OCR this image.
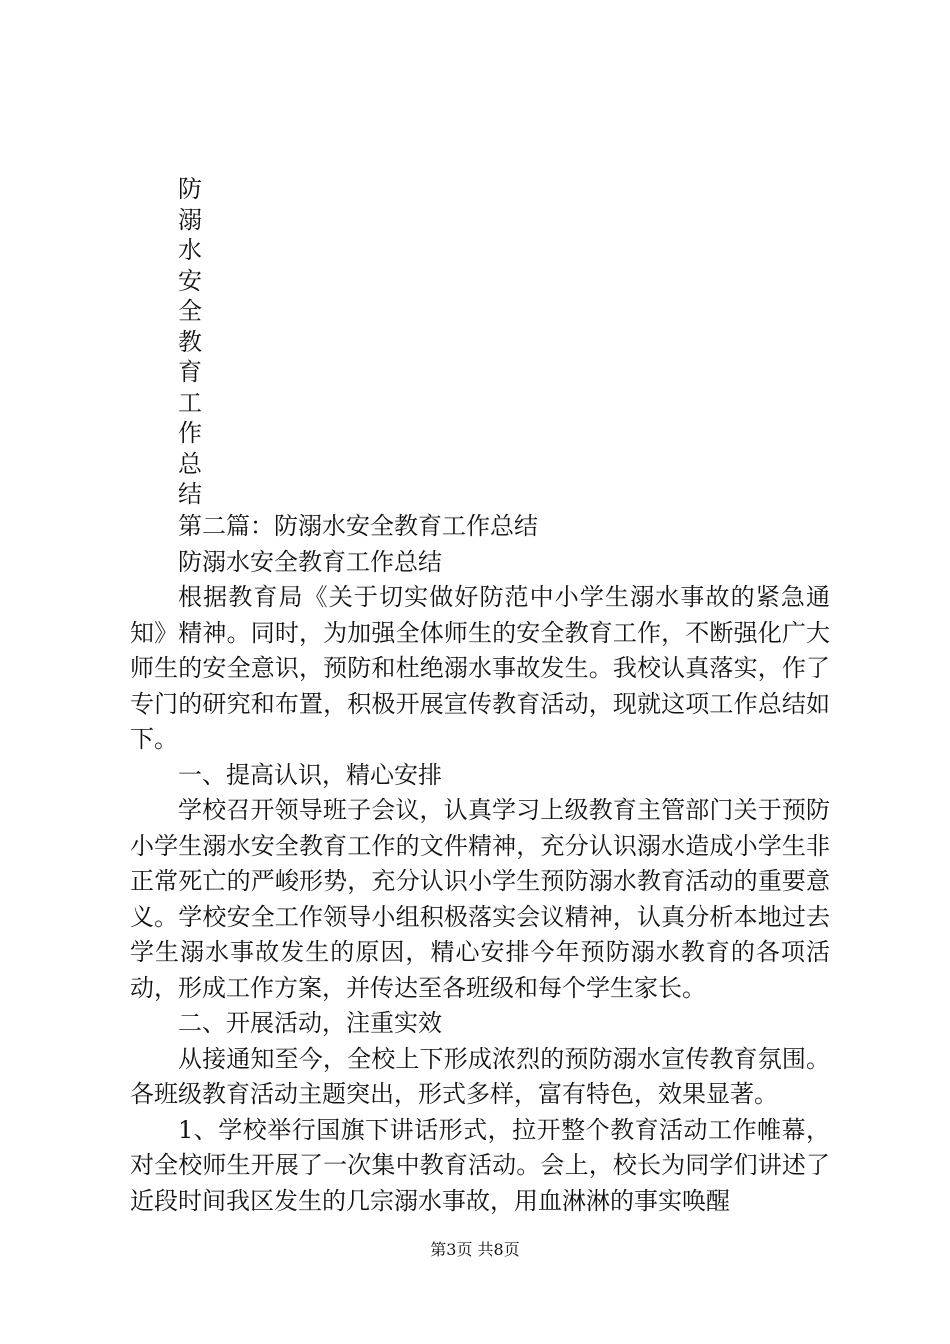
防
溺
水
安
全
教
育
工
作
总
结

第二篇：防溺水安全教育工作总结

防溺水安全教育工作总结

根据教育局《关于切实做好防范中小学生溺水事故的紧急通知》精神。同时，为加强全体师生的安全教育工作，不断强化广大师生的安全意识，预防和杜绝溺水事故发生。我校认真落实，作了专门的研究和布置，积极开展宣传教育活动，现就这项工作总结如下。

一、提高认识，精心安排

学校召开领导班子会议，认真学习上级教育主管部门关于预防小学生溺水安全教育工作的文件精神，充分认识溺水造成小学生非正常死亡的严峻形势，充分认识小学生预防溺水教育活动的重要意义。学校安全工作领导小组积极落实会议精神，认真分析本地过去学生溺水事故发生的原因，精心安排今年预防溺水教育的各项活动，形成工作方案，并传达至各班级和每个学生家长。

二、开展活动，注重实效

从接通知至今，全校上下形成浓烈的预防溺水宣传教育氛围。各班级教育活动主题突出，形式多样，富有特色，效果显著。

1、学校举行国旗下讲话形式，拉开整个教育活动工作帷幕，对全校师生开展了一次集中教育活动。会上，校长为同学们讲述了近段时间我区发生的几宗溺水事故，用血淋淋的事实唤醒

第3页 共8页
